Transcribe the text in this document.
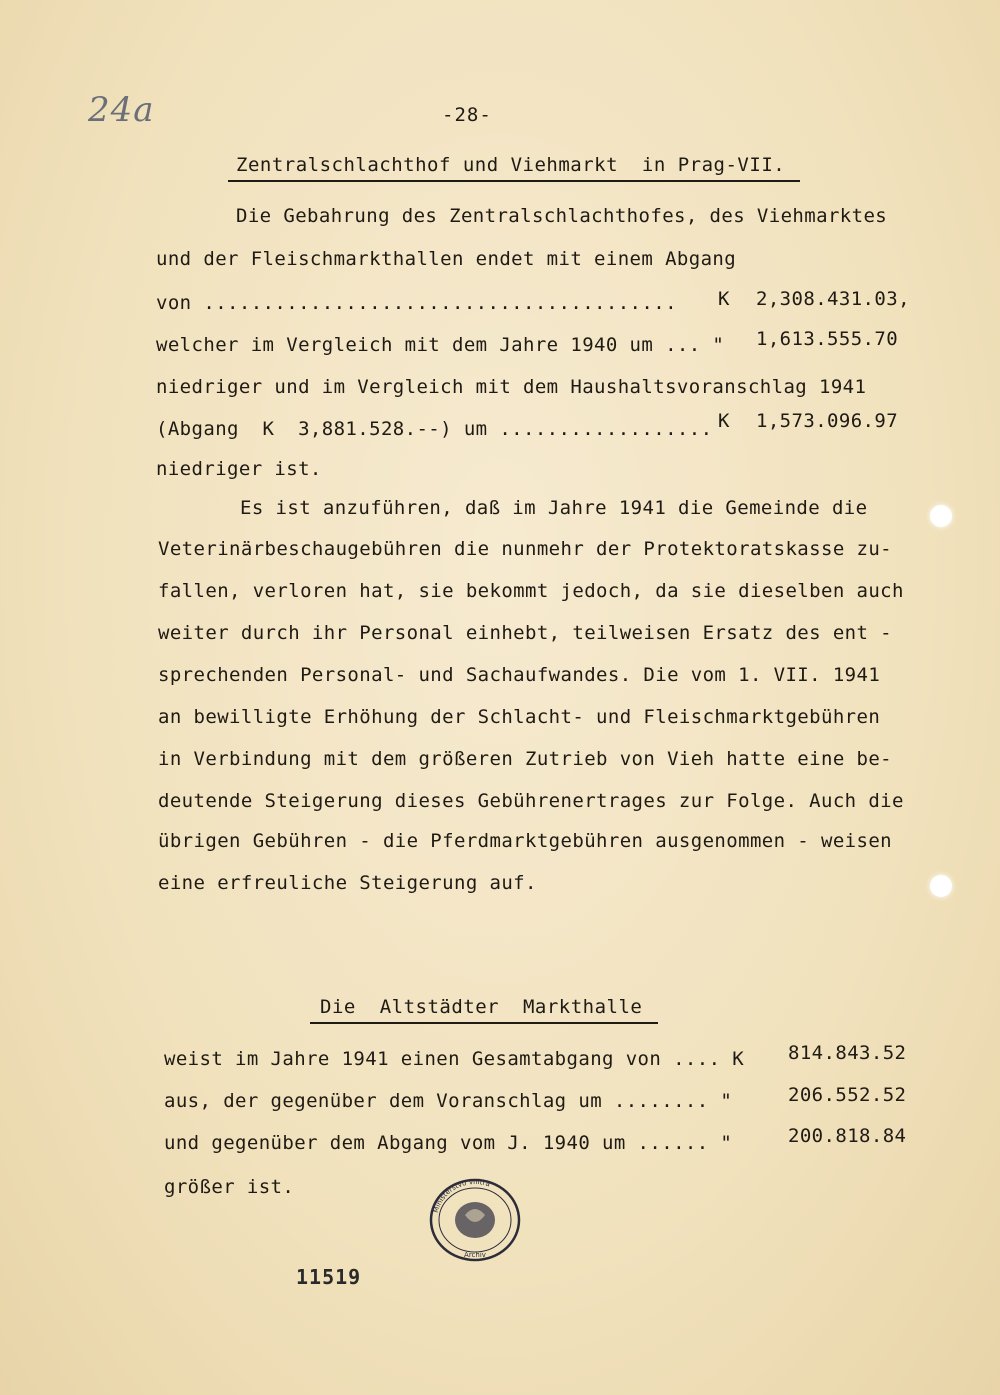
24a	-28-
Zentralschlachthof und Viehmarkt  in Prag-VII.
Die Gebahrung des Zentralschlachthofes, des Viehmarktes
und der Fleischmarkthallen endet mit einem Abgang
von ........................................ K 2,308.431.03,
welcher im Vergleich mit dem Jahre 1940 um ... " 1,613.555.70
niedriger und im Vergleich mit dem Haushaltsvoranschlag 1941
(Abgang  K  3,881.528.--) um .................. K 1,573.096.97
niedriger ist.
Es ist anzuführen, daß im Jahre 1941 die Gemeinde die
Veterinärbeschaugebühren die nunmehr der Protektoratskasse zu-
fallen, verloren hat, sie bekommt jedoch, da sie dieselben auch
weiter durch ihr Personal einhebt, teilweisen Ersatz des ent -
sprechenden Personal- und Sachaufwandes. Die vom 1. VII. 1941
an bewilligte Erhöhung der Schlacht- und Fleischmarktgebühren
in Verbindung mit dem größeren Zutrieb von Vieh hatte eine be-
deutende Steigerung dieses Gebührenertrages zur Folge. Auch die
übrigen Gebühren - die Pferdmarktgebühren ausgenommen - weisen
eine erfreuliche Steigerung auf.
Die  Altstädter  Markthalle
weist im Jahre 1941 einen Gesamtabgang von .... K 814.843.52
aus, der gegenüber dem Voranschlag um ........ "	206.552.52
und gegenüber dem Abgang vom J. 1940 um ...... "	200.818.84
größer ist.
Ministerstvo vnitra
Archiv
11519
